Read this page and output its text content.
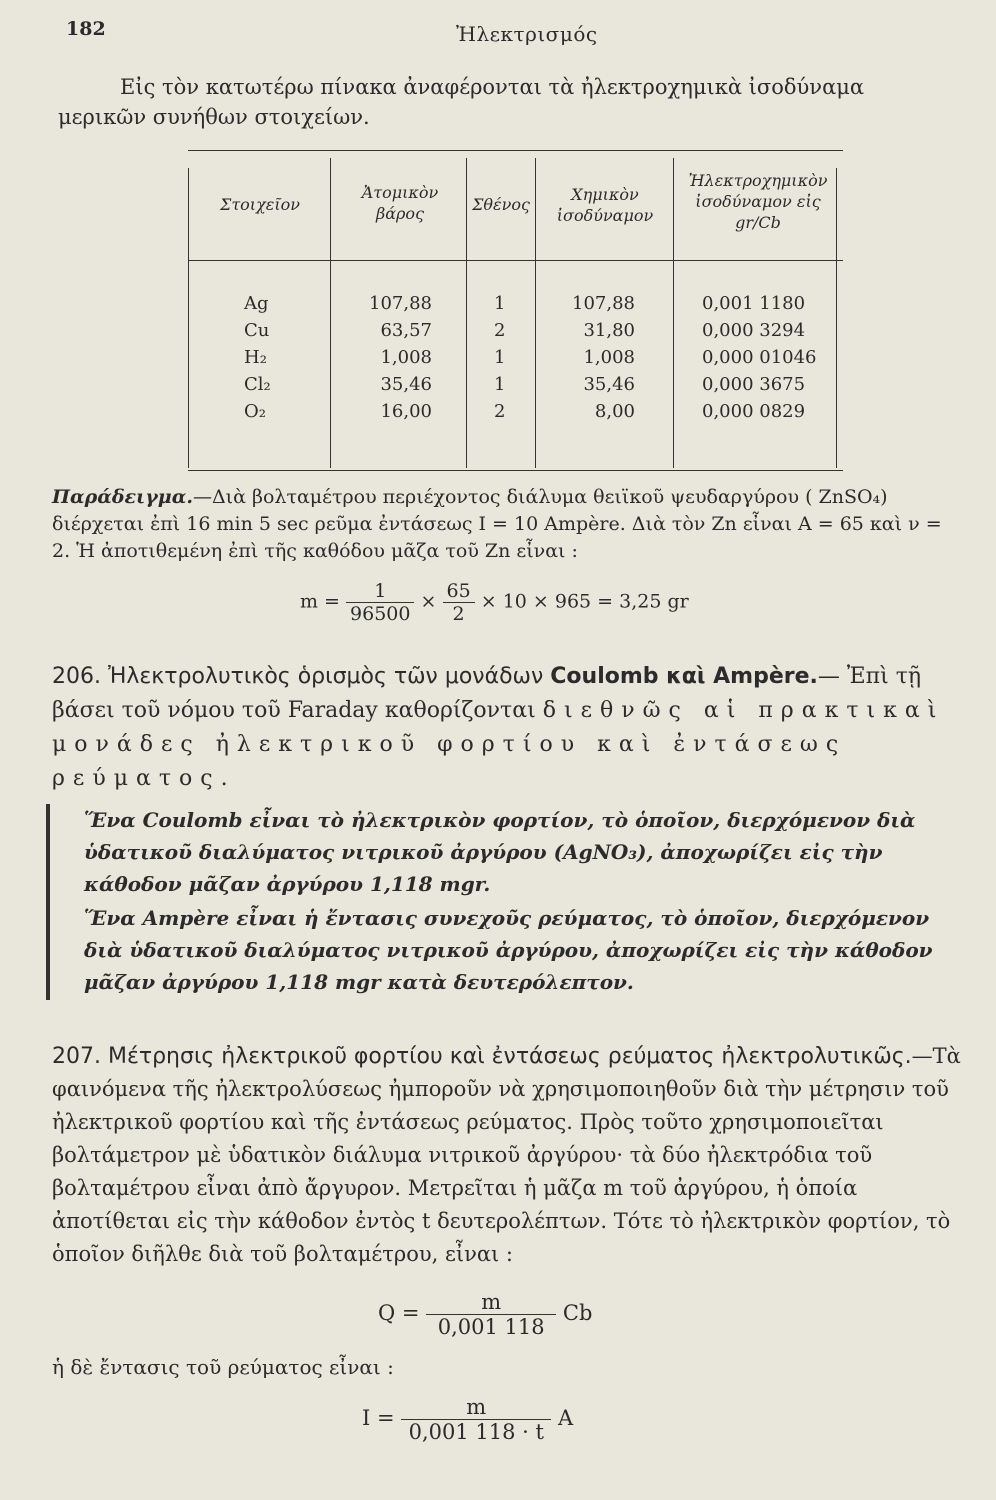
182	Ἠλεκτρισμός

Εἰς τὸν κατωτέρω πίνακα ἀναφέρονται τὰ ἠλεκτροχημικὰ ἰσοδύναμα μερικῶν συνήθων στοιχείων.

Στοιχεῖον
Ἀτομικὸν βάρος	Σθένος
Χημικὸν ἰσοδύναμον
Ἠλεκτροχημικὸν ἰσοδύναμον εἰς gr/Cb
Ag
Cu
H₂
Cl₂
O₂
107,88
63,57
1,008
35,46
16,00
1
2
1
1
2
107,88
31,80
1,008
35,46
8,00
0,001 1180
0,000 3294
0,000 01046
0,000 3675
0,000 0829

Παράδειγμα.—Διὰ βολταμέτρου περιέχοντος διάλυμα θειϊκοῦ ψευδαργύρου ( ZnSO₄) διέρχεται ἐπὶ 16 min 5 sec ρεῦμα ἐντάσεως I = 10 Ampère. Διὰ τὸν Zn εἶναι A = 65 καὶ ν = 2. Ἡ ἀποτιθεμένη ἐπὶ τῆς καθόδου μᾶζα τοῦ Zn εἶναι :

$m = \frac{1}{96500} \times \frac{65}{2} \times 10 \times 965 = 3,25$ gr

206. Ἠλεκτρολυτικὸς ὁρισμὸς τῶν μονάδων Coulomb καὶ Ampère.— Ἐπὶ τῇ βάσει τοῦ νόμου τοῦ Faraday καθορίζονται διεθνῶς αἱ πρακτικαὶ μονάδες ἠλεκτρικοῦ φορτίου καὶ ἐντάσεως ρεύματος.

Ἕνα Coulomb εἶναι τὸ ἠλεκτρικὸν φορτίον, τὸ ὁποῖον, διερχόμενον διὰ ὑδατικοῦ διαλύματος νιτρικοῦ ἀργύρου (AgNO₃), ἀποχωρίζει εἰς τὴν κάθοδον μᾶζαν ἀργύρου 1,118 mgr.
Ἕνα Ampère εἶναι ἡ ἔντασις συνεχοῦς ρεύματος, τὸ ὁποῖον, διερχόμενον διὰ ὑδατικοῦ διαλύματος νιτρικοῦ ἀργύρου, ἀποχωρίζει εἰς τὴν κάθοδον μᾶζαν ἀργύρου 1,118 mgr κατὰ δευτερόλεπτον.

207. Μέτρησις ἠλεκτρικοῦ φορτίου καὶ ἐντάσεως ρεύματος ἠλεκτρολυτικῶς.—Τὰ φαινόμενα τῆς ἠλεκτρολύσεως ἠμποροῦν νὰ χρησιμοποιηθοῦν διὰ τὴν μέτρησιν τοῦ ἠλεκτρικοῦ φορτίου καὶ τῆς ἐντάσεως ρεύματος. Πρὸς τοῦτο χρησιμοποιεῖται βολτάμετρον μὲ ὑδατικὸν διάλυμα νιτρικοῦ ἀργύρου· τὰ δύο ἠλεκτρόδια τοῦ βολταμέτρου εἶναι ἀπὸ ἄργυρον. Μετρεῖται ἡ μᾶζα m τοῦ ἀργύρου, ἡ ὁποία ἀποτίθεται εἰς τὴν κάθοδον ἐντὸς t δευτερολέπτων. Τότε τὸ ἠλεκτρικὸν φορτίον, τὸ ὁποῖον διῆλθε διὰ τοῦ βολταμέτρου, εἶναι :

$Q = \frac{m}{0,001 118}$ Cb

ἡ δὲ ἔντασις τοῦ ρεύματος εἶναι :

$I = \frac{m}{0,001 118 \cdot t}$ A
